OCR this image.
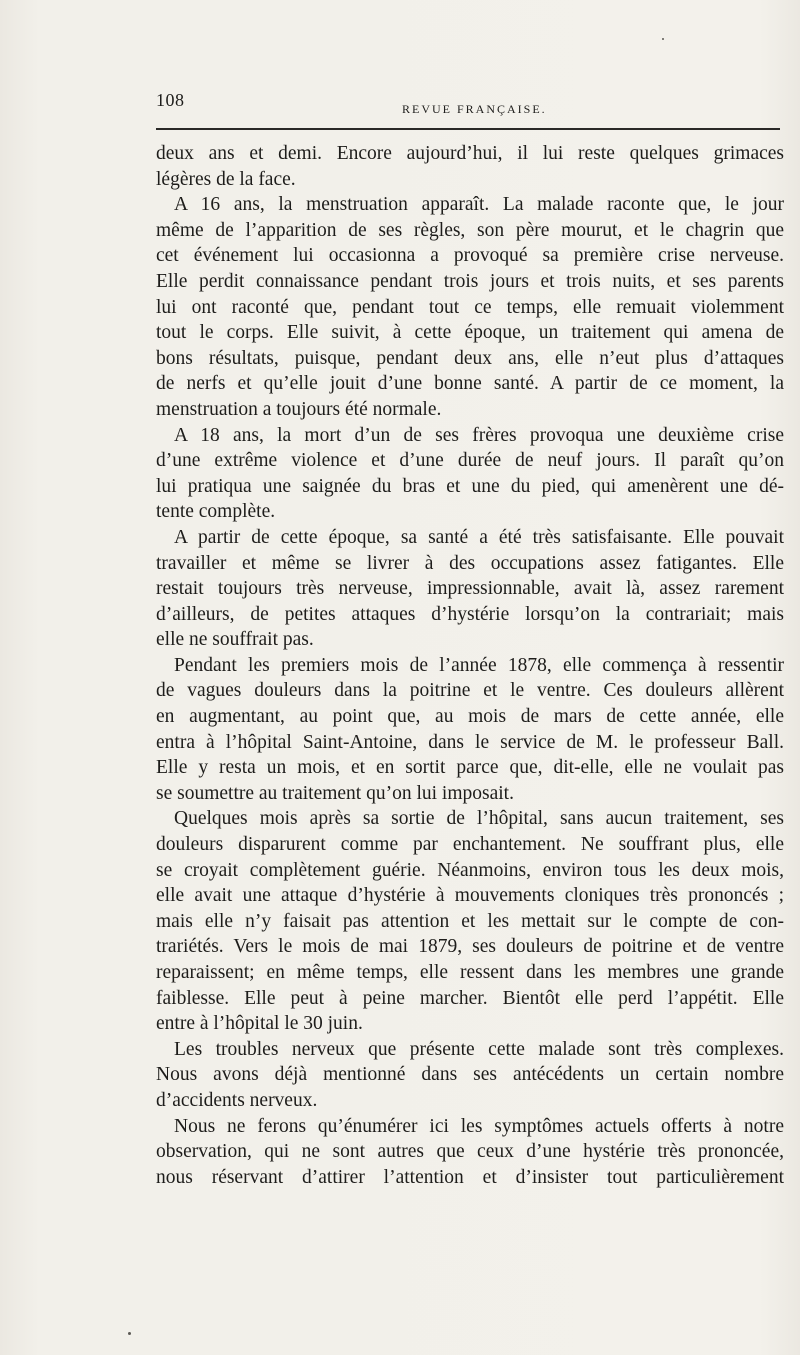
108	REVUE FRANÇAISE.
deux ans et demi. Encore aujourd’hui, il lui reste quelques grimaces
légères de la face.
A 16 ans, la menstruation apparaît. La malade raconte que, le jour
même de l’apparition de ses règles, son père mourut, et le chagrin que
cet événement lui occasionna a provoqué sa première crise nerveuse.
Elle perdit connaissance pendant trois jours et trois nuits, et ses parents
lui ont raconté que, pendant tout ce temps, elle remuait violemment
tout le corps. Elle suivit, à cette époque, un traitement qui amena de
bons résultats, puisque, pendant deux ans, elle n’eut plus d’attaques
de nerfs et qu’elle jouit d’une bonne santé. A partir de ce moment, la
menstruation a toujours été normale.
A 18 ans, la mort d’un de ses frères provoqua une deuxième crise
d’une extrême violence et d’une durée de neuf jours. Il paraît qu’on
lui pratiqua une saignée du bras et une du pied, qui amenèrent une dé-
tente complète.
A partir de cette époque, sa santé a été très satisfaisante. Elle pouvait
travailler et même se livrer à des occupations assez fatigantes. Elle
restait toujours très nerveuse, impressionnable, avait là, assez rarement
d’ailleurs, de petites attaques d’hystérie lorsqu’on la contrariait; mais
elle ne souffrait pas.
Pendant les premiers mois de l’année 1878, elle commença à ressentir
de vagues douleurs dans la poitrine et le ventre. Ces douleurs allèrent
en augmentant, au point que, au mois de mars de cette année, elle
entra à l’hôpital Saint-Antoine, dans le service de M. le professeur Ball.
Elle y resta un mois, et en sortit parce que, dit-elle, elle ne voulait pas
se soumettre au traitement qu’on lui imposait.
Quelques mois après sa sortie de l’hôpital, sans aucun traitement, ses
douleurs disparurent comme par enchantement. Ne souffrant plus, elle
se croyait complètement guérie. Néanmoins, environ tous les deux mois,
elle avait une attaque d’hystérie à mouvements cloniques très prononcés ;
mais elle n’y faisait pas attention et les mettait sur le compte de con-
trariétés. Vers le mois de mai 1879, ses douleurs de poitrine et de ventre
reparaissent; en même temps, elle ressent dans les membres une grande
faiblesse. Elle peut à peine marcher. Bientôt elle perd l’appétit. Elle
entre à l’hôpital le 30 juin.
Les troubles nerveux que présente cette malade sont très complexes.
Nous avons déjà mentionné dans ses antécédents un certain nombre
d’accidents nerveux.
Nous ne ferons qu’énumérer ici les symptômes actuels offerts à notre
observation, qui ne sont autres que ceux d’une hystérie très prononcée,
nous réservant d’attirer l’attention et d’insister tout particulièrement
